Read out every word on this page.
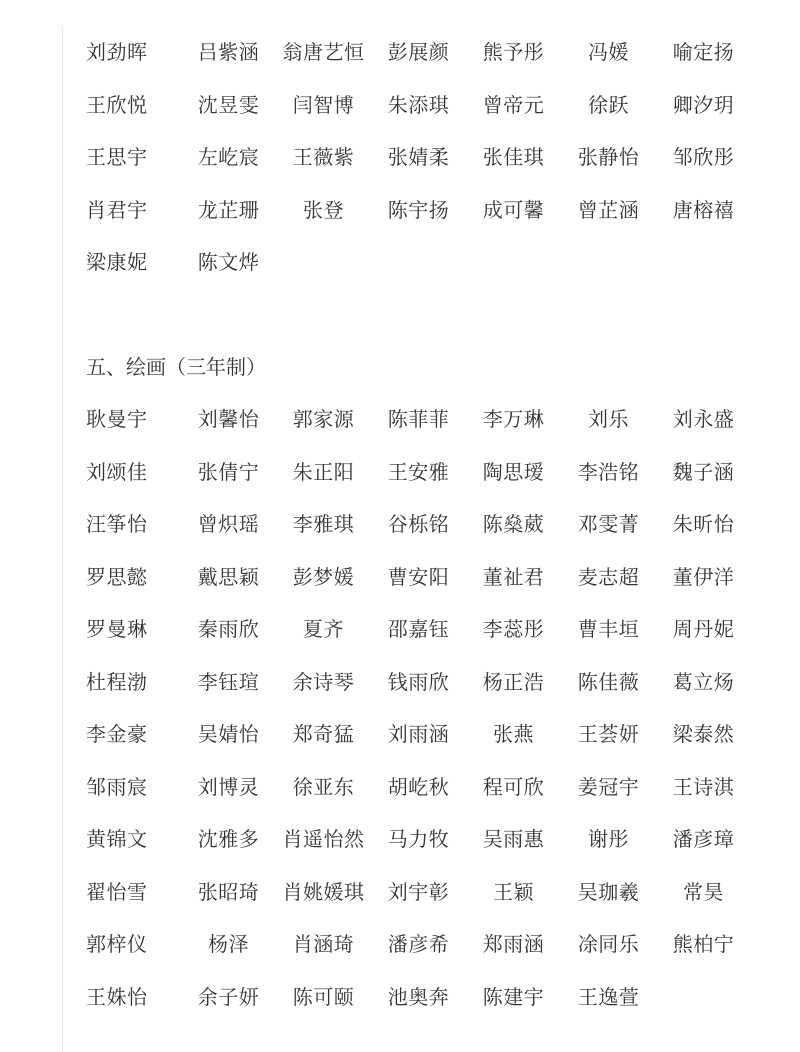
刘劲晖	吕紫涵	翁唐艺恒	彭展颜	熊予彤	冯媛	喻定扬
王欣悦	沈昱雯	闫智博	朱添琪	曾帝元	徐跃	卿汐玥
王思宇	左屹宸	王薇紫	张婧柔	张佳琪	张静怡	邹欣彤
肖君宇	龙芷珊	张登	陈宇扬	成可馨	曾芷涵	唐榕禧
梁康妮	陈文烨
五、绘画（三年制）
耿曼宇	刘馨怡	郭家源	陈菲菲	李万琳	刘乐	刘永盛
刘颂佳	张倩宁	朱正阳	王安雅	陶思瑷	李浩铭	魏子涵
汪筝怡	曾炽瑶	李雅琪	谷栎铭	陈燊葳	邓雯菁	朱昕怡
罗思懿	戴思颖	彭梦媛	曹安阳	董祉君	麦志超	董伊洋
罗曼琳	秦雨欣	夏齐	邵嘉钰	李蕊彤	曹丰垣	周丹妮
杜程渤	李钰瑄	余诗琴	钱雨欣	杨正浩	陈佳薇	葛立炀
李金豪	吴婧怡	郑奇猛	刘雨涵	张燕	王荟妍	梁泰然
邹雨宸	刘博灵	徐亚东	胡屹秋	程可欣	姜冠宇	王诗淇
黄锦文	沈雅多	肖遥怡然	马力牧	吴雨惠	谢彤	潘彦璋
翟怡雪	张昭琦	肖姚媛琪	刘宇彰	王颖	吴珈羲	常昊
郭梓仪	杨泽	肖涵琦	潘彦希	郑雨涵	凃同乐	熊柏宁
王姝怡	余子妍	陈可颐	池奥奔	陈建宇	王逸萱
